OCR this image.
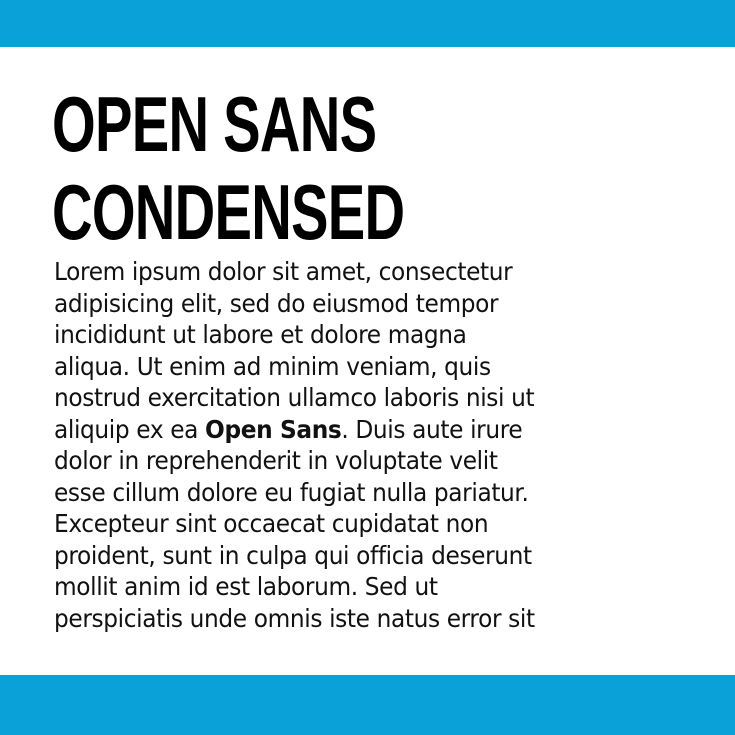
OPEN SANS
CONDENSED

Lorem ipsum dolor sit amet, consectetur
adipisicing elit, sed do eiusmod tempor
incididunt ut labore et dolore magna
aliqua. Ut enim ad minim veniam, quis
nostrud exercitation ullamco laboris nisi ut
aliquip ex ea Open Sans. Duis aute irure
dolor in reprehenderit in voluptate velit
esse cillum dolore eu fugiat nulla pariatur.
Excepteur sint occaecat cupidatat non
proident, sunt in culpa qui officia deserunt
mollit anim id est laborum. Sed ut
perspiciatis unde omnis iste natus error sit
